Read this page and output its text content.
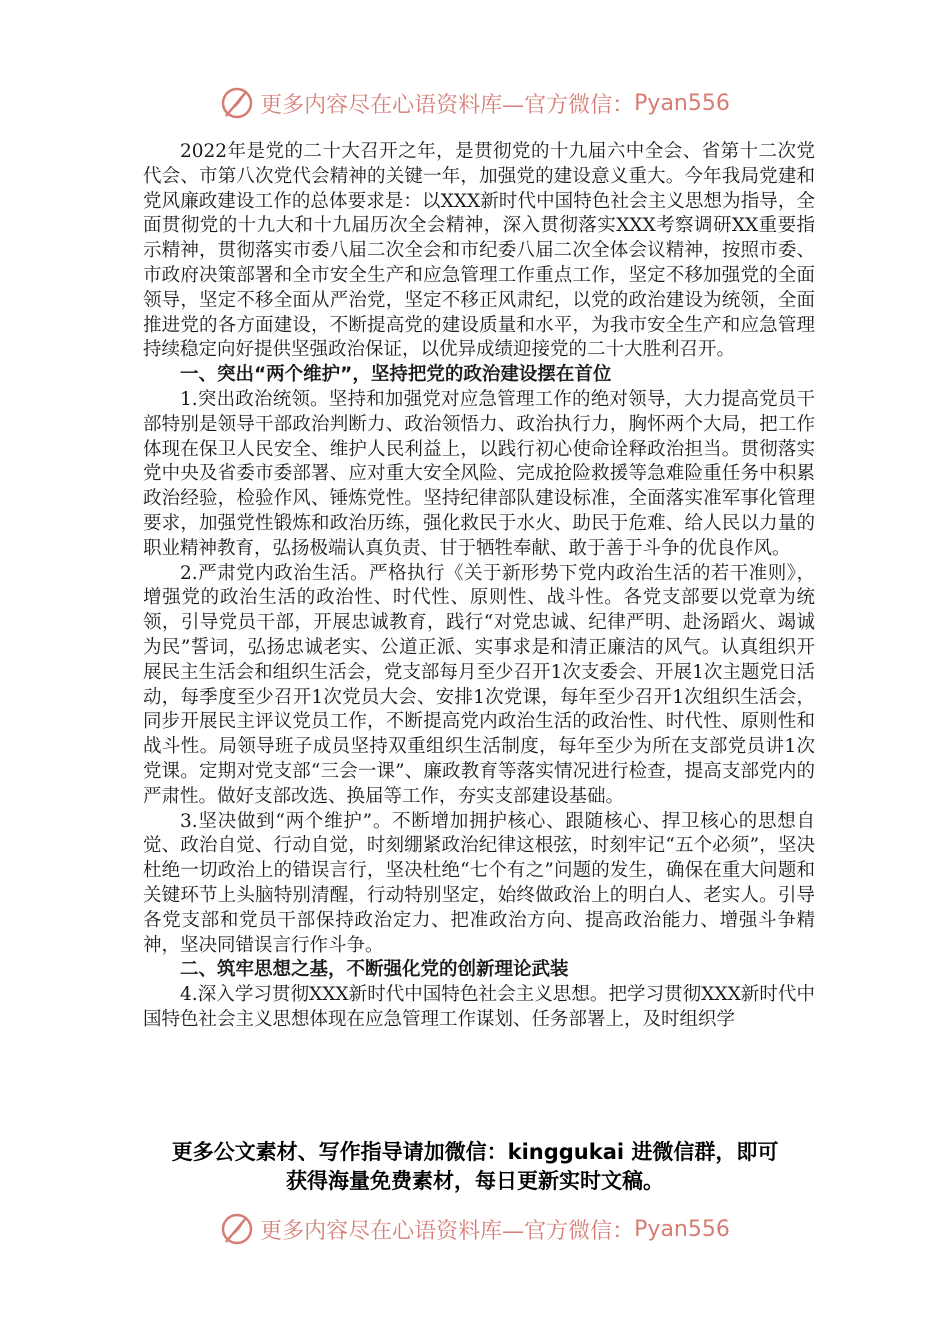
更多内容尽在心语资料库—官方微信： Pyan556

2022年是党的二十大召开之年，是贯彻党的十九届六中全会、省第十二次党代会、市第八次党代会精神的关键一年，加强党的建设意义重大。今年我局党建和党风廉政建设工作的总体要求是：以XXX新时代中国特色社会主义思想为指导，全面贯彻党的十九大和十九届历次全会精神，深入贯彻落实XXX考察调研XX重要指示精神，贯彻落实市委八届二次全会和市纪委八届二次全体会议精神，按照市委、市政府决策部署和全市安全生产和应急管理工作重点工作，坚定不移加强党的全面领导，坚定不移全面从严治党，坚定不移正风肃纪，以党的政治建设为统领，全面推进党的各方面建设，不断提高党的建设质量和水平，为我市安全生产和应急管理持续稳定向好提供坚强政治保证，以优异成绩迎接党的二十大胜利召开。

一、突出“两个维护”，坚持把党的政治建设摆在首位

1.突出政治统领。坚持和加强党对应急管理工作的绝对领导，大力提高党员干部特别是领导干部政治判断力、政治领悟力、政治执行力，胸怀两个大局，把工作体现在保卫人民安全、维护人民利益上，以践行初心使命诠释政治担当。贯彻落实党中央及省委市委部署、应对重大安全风险、完成抢险救援等急难险重任务中积累政治经验，检验作风、锤炼党性。坚持纪律部队建设标准，全面落实准军事化管理要求，加强党性锻炼和政治历练，强化救民于水火、助民于危难、给人民以力量的职业精神教育，弘扬极端认真负责、甘于牺牲奉献、敢于善于斗争的优良作风。

2.严肃党内政治生活。严格执行《关于新形势下党内政治生活的若干准则》，增强党的政治生活的政治性、时代性、原则性、战斗性。各党支部要以党章为统领，引导党员干部，开展忠诚教育，践行“对党忠诚、纪律严明、赴汤蹈火、竭诚为民”誓词，弘扬忠诚老实、公道正派、实事求是和清正廉洁的风气。认真组织开展民主生活会和组织生活会，党支部每月至少召开1次支委会、开展1次主题党日活动，每季度至少召开1次党员大会、安排1次党课，每年至少召开1次组织生活会，同步开展民主评议党员工作，不断提高党内政治生活的政治性、时代性、原则性和战斗性。局领导班子成员坚持双重组织生活制度，每年至少为所在支部党员讲1次党课。定期对党支部“三会一课”、廉政教育等落实情况进行检查，提高支部党内的严肃性。做好支部改选、换届等工作，夯实支部建设基础。

3.坚决做到“两个维护”。不断增加拥护核心、跟随核心、捍卫核心的思想自觉、政治自觉、行动自觉，时刻绷紧政治纪律这根弦，时刻牢记“五个必须”，坚决杜绝一切政治上的错误言行，坚决杜绝“七个有之”问题的发生，确保在重大问题和关键环节上头脑特别清醒，行动特别坚定，始终做政治上的明白人、老实人。引导各党支部和党员干部保持政治定力、把准政治方向、提高政治能力、增强斗争精神，坚决同错误言行作斗争。

二、筑牢思想之基，不断强化党的创新理论武装

4.深入学习贯彻XXX新时代中国特色社会主义思想。把学习贯彻XXX新时代中国特色社会主义思想体现在应急管理工作谋划、任务部署上，及时组织学

更多公文素材、写作指导请加微信：kinggukai 进微信群，即可
获得海量免费素材，每日更新实时文稿。
更多内容尽在心语资料库—官方微信： Pyan556
